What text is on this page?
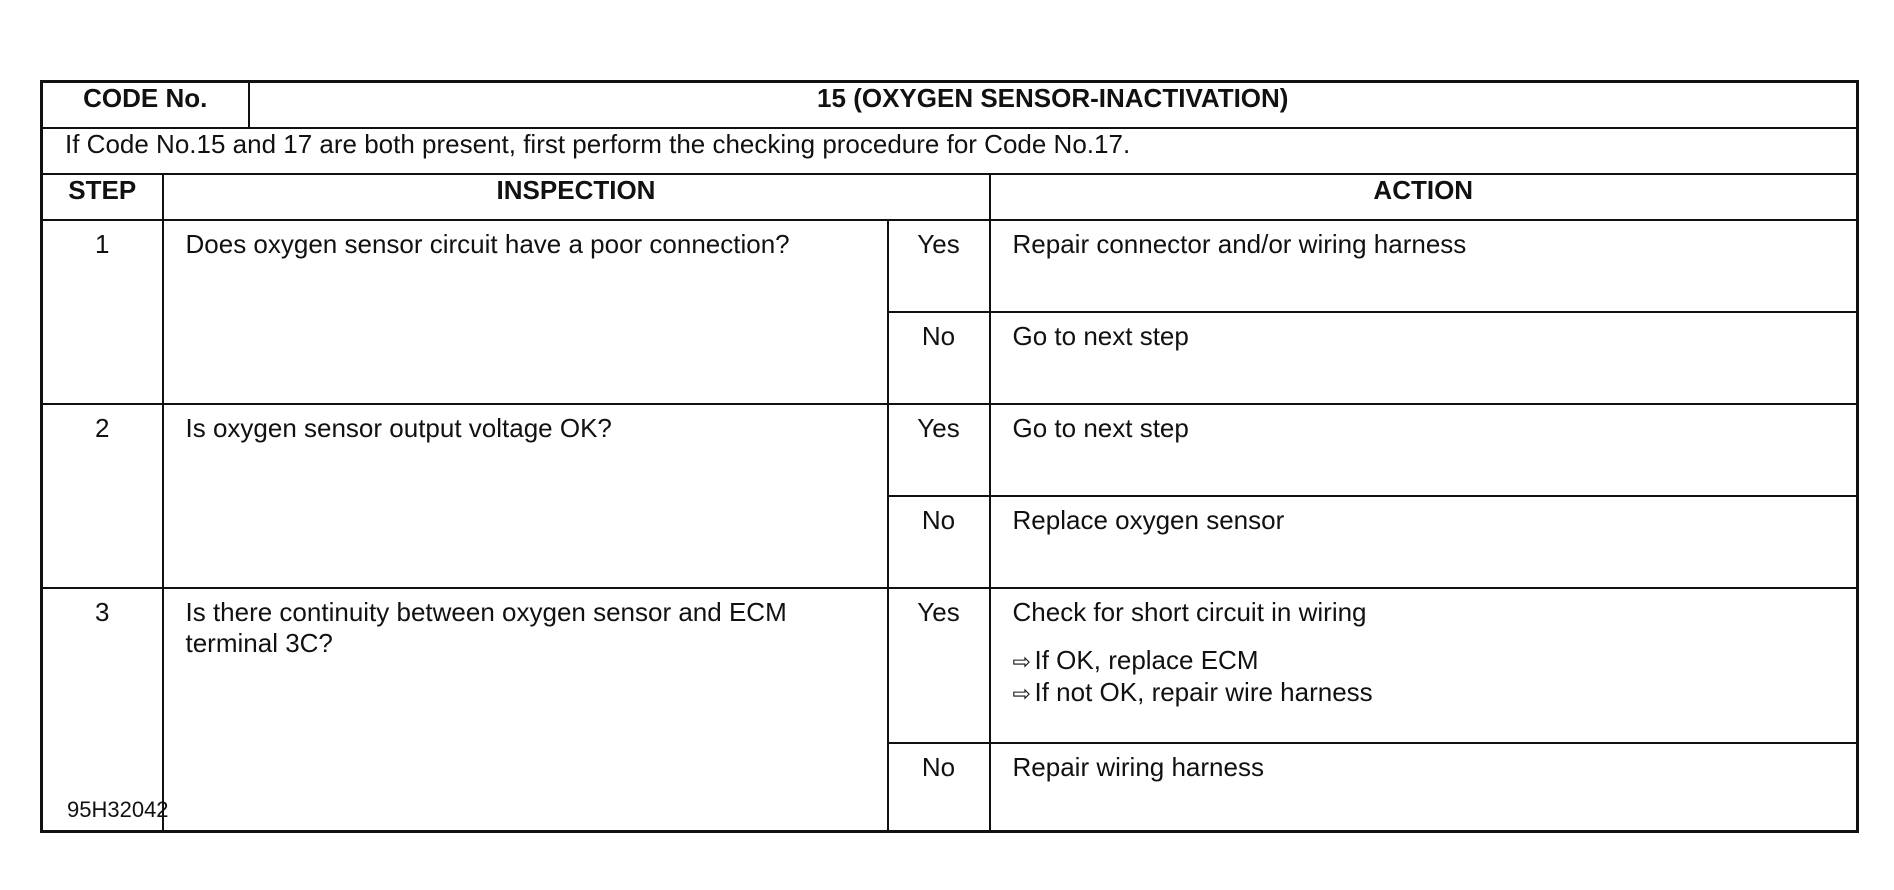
CODE No.		15 (OXYGEN SENSOR-INACTIVATION)		
If Code No.15 and 17 are both present, first perform the checking procedure for Code No.17.				
STEP	INSPECTION			ACTION
1	Does oxygen sensor circuit have a poor connection?		Yes	Repair connector and/or wiring harness
			No	Go to next step
2	Is oxygen sensor output voltage OK?		Yes	Go to next step
			No	Replace oxygen sensor
3	Is there continuity between oxygen sensor and ECM terminal 3C?		Yes	Check for short circuit in wiring
⇨ If OK, replace ECM
⇨ If not OK, repair wire harness

			No	Repair wiring harness
95H32042
